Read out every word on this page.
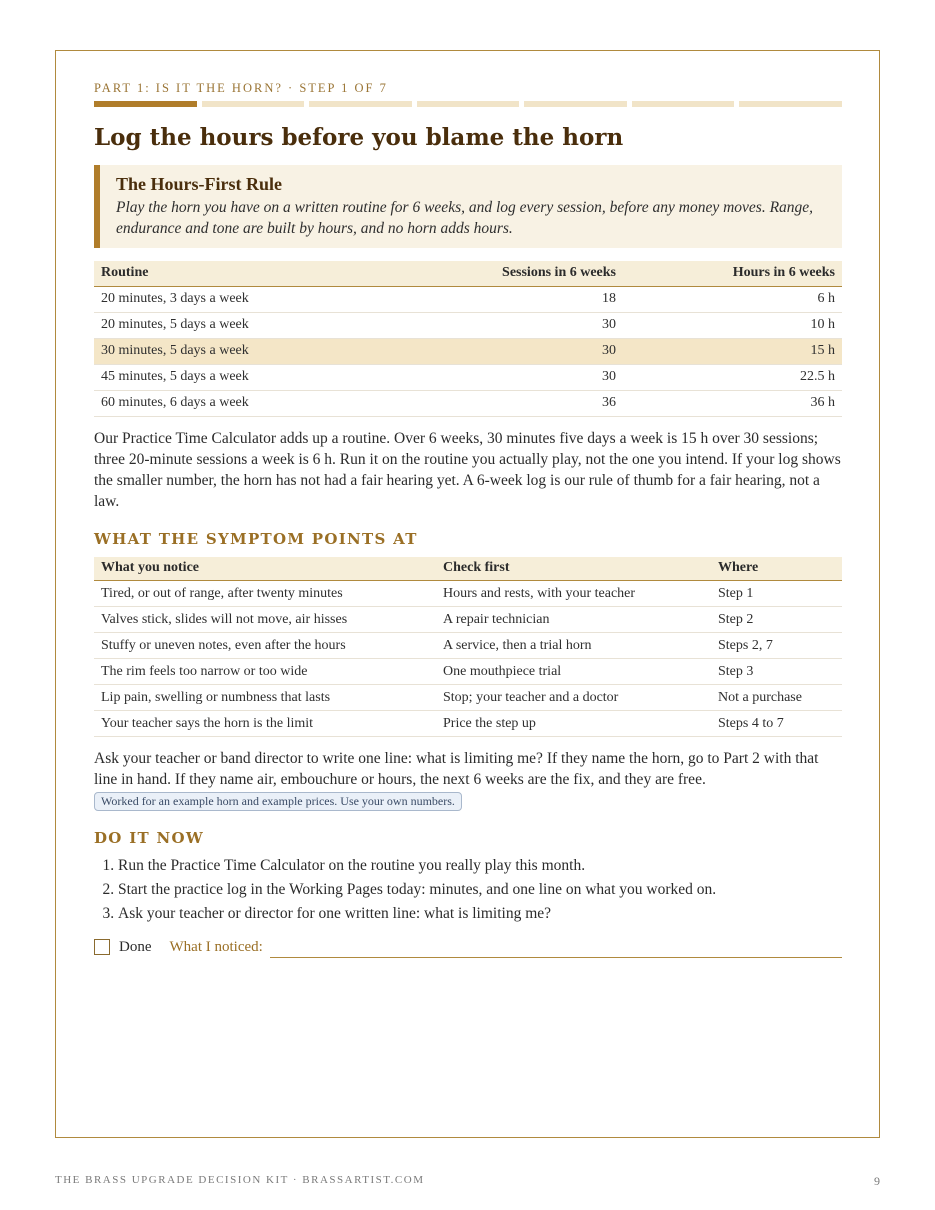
PART 1: IS IT THE HORN? · STEP 1 OF 7
Log the hours before you blame the horn
The Hours-First Rule
Play the horn you have on a written routine for 6 weeks, and log every session, before any money moves. Range, endurance and tone are built by hours, and no horn adds hours.
Routine	Sessions in 6 weeks	Hours in 6 weeks
20 minutes, 3 days a week	18	6 h
20 minutes, 5 days a week	30	10 h
30 minutes, 5 days a week	30	15 h
45 minutes, 5 days a week	30	22.5 h
60 minutes, 6 days a week	36	36 h

Our Practice Time Calculator adds up a routine. Over 6 weeks, 30 minutes five days a week is 15 h over 30 sessions; three 20-minute sessions a week is 6 h. Run it on the routine you actually play, not the one you intend. If your log shows the smaller number, the horn has not had a fair hearing yet. A 6-week log is our rule of thumb for a fair hearing, not a law.

WHAT THE SYMPTOM POINTS AT
What you notice	Check first	Where
Tired, or out of range, after twenty minutes	Hours and rests, with your teacher	Step 1
Valves stick, slides will not move, air hisses	A repair technician	Step 2
Stuffy or uneven notes, even after the hours	A service, then a trial horn	Steps 2, 7
The rim feels too narrow or too wide	One mouthpiece trial	Step 3
Lip pain, swelling or numbness that lasts	Stop; your teacher and a doctor	Not a purchase
Your teacher says the horn is the limit	Price the step up	Steps 4 to 7

Ask your teacher or band director to write one line: what is limiting me? If they name the horn, go to Part 2 with that line in hand. If they name air, embouchure or hours, the next 6 weeks are the fix, and they are free.

Worked for an example horn and example prices. Use your own numbers.
DO IT NOW
1. Run the Practice Time Calculator on the routine you really play this month.
2. Start the practice log in the Working Pages today: minutes, and one line on what you worked on.
3. Ask your teacher or director for one written line: what is limiting me?
Done What I noticed:
THE BRASS UPGRADE DECISION KIT · BRASSARTIST.COM	9
